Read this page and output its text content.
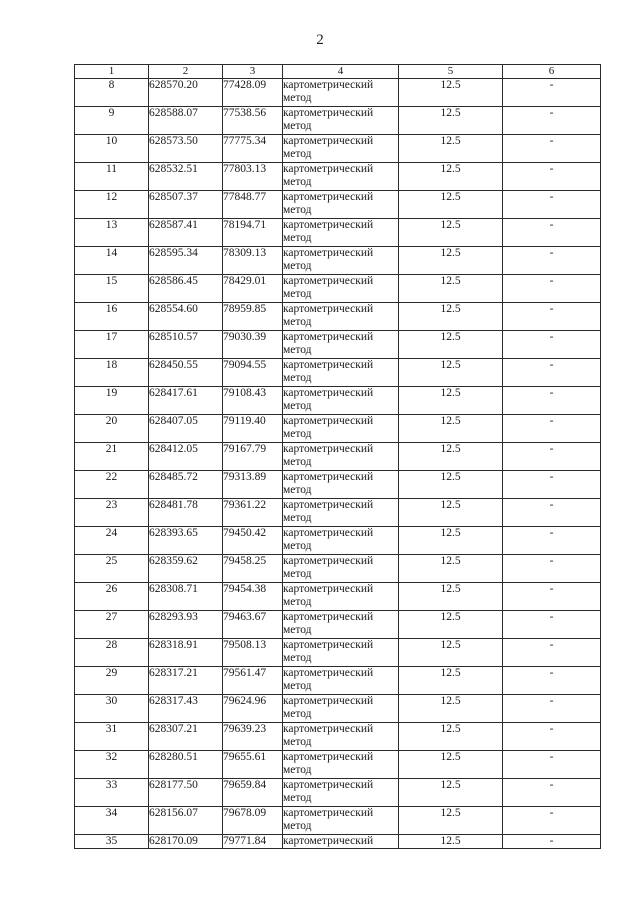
2
1	2	3	4	5	6
8	628570.20	77428.09	картометрический метод	12.5	-
9	628588.07	77538.56	картометрический метод	12.5	-
10	628573.50	77775.34	картометрический метод	12.5	-
11	628532.51	77803.13	картометрический метод	12.5	-
12	628507.37	77848.77	картометрический метод	12.5	-
13	628587.41	78194.71	картометрический метод	12.5	-
14	628595.34	78309.13	картометрический метод	12.5	-
15	628586.45	78429.01	картометрический метод	12.5	-
16	628554.60	78959.85	картометрический метод	12.5	-
17	628510.57	79030.39	картометрический метод	12.5	-
18	628450.55	79094.55	картометрический метод	12.5	-
19	628417.61	79108.43	картометрический метод	12.5	-
20	628407.05	79119.40	картометрический метод	12.5	-
21	628412.05	79167.79	картометрический метод	12.5	-
22	628485.72	79313.89	картометрический метод	12.5	-
23	628481.78	79361.22	картометрический метод	12.5	-
24	628393.65	79450.42	картометрический метод	12.5	-
25	628359.62	79458.25	картометрический метод	12.5	-
26	628308.71	79454.38	картометрический метод	12.5	-
27	628293.93	79463.67	картометрический метод	12.5	-
28	628318.91	79508.13	картометрический метод	12.5	-
29	628317.21	79561.47	картометрический метод	12.5	-
30	628317.43	79624.96	картометрический метод	12.5	-
31	628307.21	79639.23	картометрический метод	12.5	-
32	628280.51	79655.61	картометрический метод	12.5	-
33	628177.50	79659.84	картометрический метод	12.5	-
34	628156.07	79678.09	картометрический метод	12.5	-
35	628170.09	79771.84	картометрический	12.5	-
